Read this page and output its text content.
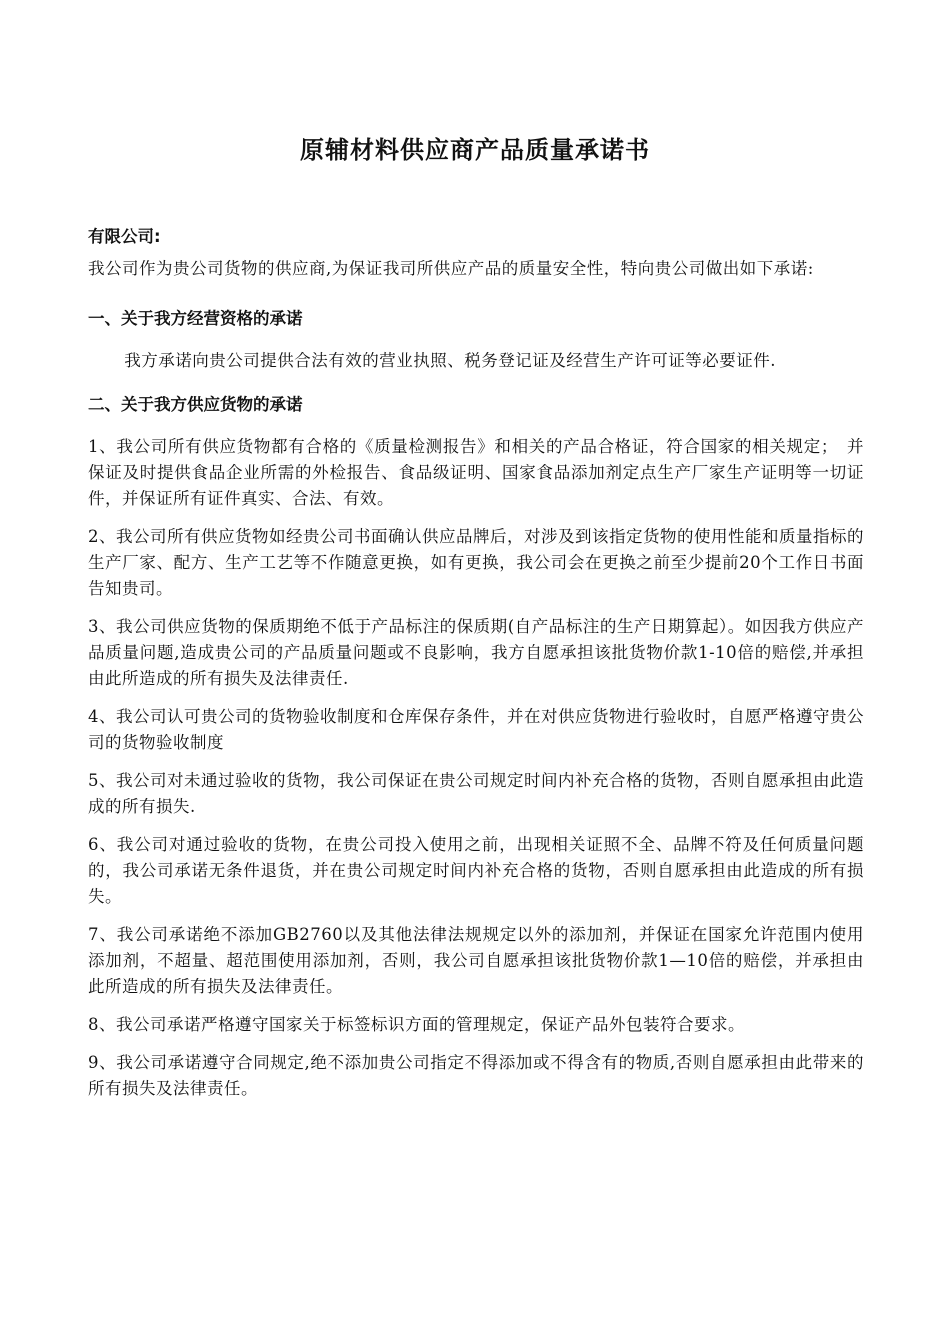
原辅材料供应商产品质量承诺书

有限公司:

我公司作为贵公司货物的供应商,为保证我司所供应产品的质量安全性，特向贵公司做出如下承诺:

一、关于我方经营资格的承诺

我方承诺向贵公司提供合法有效的营业执照、税务登记证及经营生产许可证等必要证件.

二、关于我方供应货物的承诺

1、我公司所有供应货物都有合格的《质量检测报告》和相关的产品合格证，符合国家的相关规定；　并保证及时提供食品企业所需的外检报告、食品级证明、国家食品添加剂定点生产厂家生产证明等一切证件，并保证所有证件真实、合法、有效。

2、我公司所有供应货物如经贵公司书面确认供应品牌后，对涉及到该指定货物的使用性能和质量指标的生产厂家、配方、生产工艺等不作随意更换，如有更换，我公司会在更换之前至少提前20个工作日书面告知贵司。

3、我公司供应货物的保质期绝不低于产品标注的保质期(自产品标注的生产日期算起）。如因我方供应产品质量问题,造成贵公司的产品质量问题或不良影响，我方自愿承担该批货物价款1-10倍的赔偿,并承担由此所造成的所有损失及法律责任.

4、我公司认可贵公司的货物验收制度和仓库保存条件，并在对供应货物进行验收时，自愿严格遵守贵公司的货物验收制度

5、我公司对未通过验收的货物，我公司保证在贵公司规定时间内补充合格的货物，否则自愿承担由此造成的所有损失.

6、我公司对通过验收的货物，在贵公司投入使用之前，出现相关证照不全、品牌不符及任何质量问题的，我公司承诺无条件退货，并在贵公司规定时间内补充合格的货物，否则自愿承担由此造成的所有损失。

7、我公司承诺绝不添加GB2760以及其他法律法规规定以外的添加剂，并保证在国家允许范围内使用添加剂，不超量、超范围使用添加剂，否则，我公司自愿承担该批货物价款1—10倍的赔偿，并承担由此所造成的所有损失及法律责任。

8、我公司承诺严格遵守国家关于标签标识方面的管理规定，保证产品外包装符合要求。

9、我公司承诺遵守合同规定,绝不添加贵公司指定不得添加或不得含有的物质,否则自愿承担由此带来的所有损失及法律责任。
